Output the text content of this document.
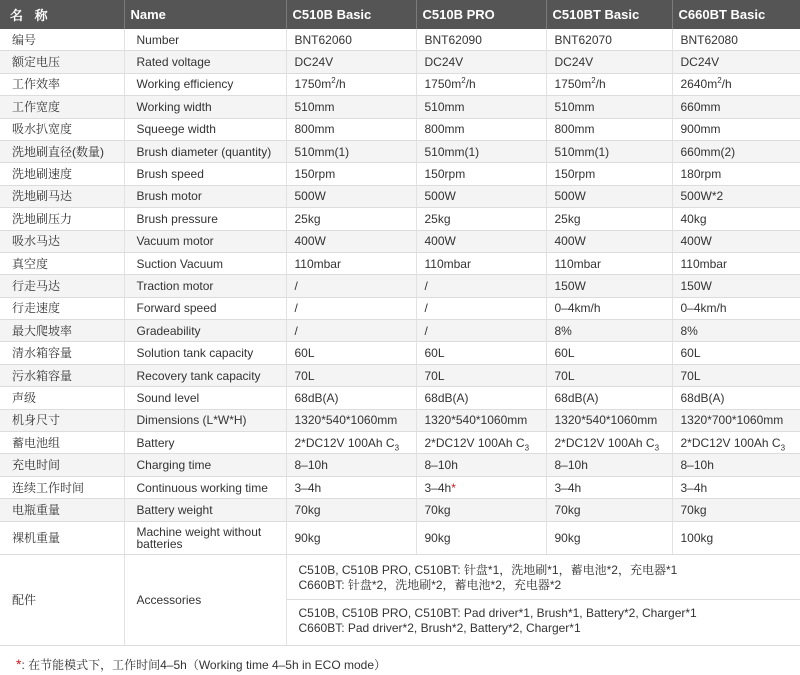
名 称	Name	C510B Basic	C510B PRO	C510BT Basic	C660BT Basic
编号	Number	BNT62060	BNT62090	BNT62070	BNT62080
额定电压	Rated voltage	DC24V	DC24V	DC24V	DC24V
工作效率	Working efficiency	$1750m^2/h$	$1750m^2/h$	$1750m^2/h$	$2640m^2/h$
工作宽度	Working width	510mm	510mm	510mm	660mm
吸水扒宽度	Squeege width	800mm	800mm	800mm	900mm
洗地刷直径(数量)	Brush diameter (quantity)	510mm(1)	510mm(1)	510mm(1)	660mm(2)
洗地刷速度	Brush speed	150rpm	150rpm	150rpm	180rpm
洗地刷马达	Brush motor	500W	500W	500W	500W*2
洗地刷压力	Brush pressure	25kg	25kg	25kg	40kg
吸水马达	Vacuum motor	400W	400W	400W	400W
真空度	Suction Vacuum	110mbar	110mbar	110mbar	110mbar
行走马达	Traction motor	/	/	150W	150W
行走速度	Forward speed	/	/	0–4km/h	0–4km/h
最大爬坡率	Gradeability	/	/	8%	8%
清水箱容量	Solution tank capacity	60L	60L	60L	60L
污水箱容量	Recovery tank capacity	70L	70L	70L	70L
声级	Sound level	68dB(A)	68dB(A)	68dB(A)	68dB(A)
机身尺寸	Dimensions (L*W*H)	1320*540*1060mm	1320*540*1060mm	1320*540*1060mm	1320*700*1060mm
蓄电池组	Battery	2*DC12V 100Ah $C_3$	2*DC12V 100Ah $C_3$	2*DC12V 100Ah $C_3$	2*DC12V 100Ah $C_3$
充电时间	Charging time	8–10h	8–10h	8–10h	8–10h
连续工作时间	Continuous working time	3–4h	3–4h*	3–4h	3–4h
电瓶重量	Battery weight	70kg	70kg	70kg	70kg
裸机重量	Machine weight without batteries	90kg	90kg	90kg	100kg
配件	Accessories	C510B, C510B PRO, C510BT: 针盘*1，洗地刷*1，蓄电池*2，充电器*1
C660BT: 针盘*2，洗地刷*2，蓄电池*2，充电器*2
C510B, C510B PRO, C510BT: Pad driver*1, Brush*1, Battery*2, Charger*1
C660BT: Pad driver*2, Brush*2, Battery*2, Charger*1			
*: 在节能模式下，工作时间4–5h（Working time 4–5h in ECO mode）
